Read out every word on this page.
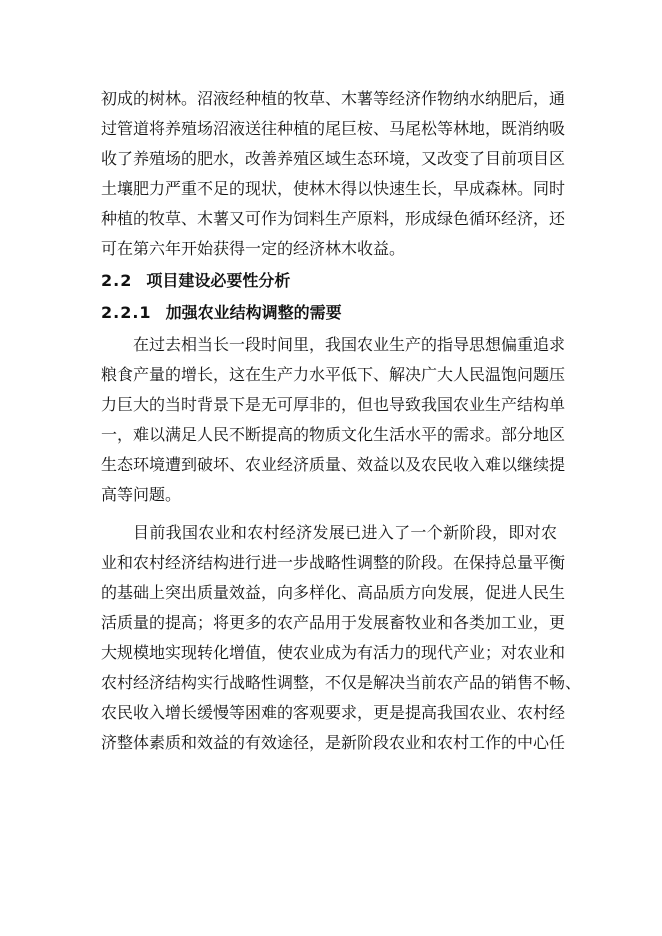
初成的树林。沼液经种植的牧草、木薯等经济作物纳水纳肥后，通
过管道将养殖场沼液送往种植的尾巨桉、马尾松等林地，既消纳吸
收了养殖场的肥水，改善养殖区域生态环境，又改变了目前项目区
土壤肥力严重不足的现状，使林木得以快速生长，早成森林。同时
种植的牧草、木薯又可作为饲料生产原料，形成绿色循环经济，还
可在第六年开始获得一定的经济林木收益。
2.2 项目建设必要性分析
2.2.1 加强农业结构调整的需要
在过去相当长一段时间里，我国农业生产的指导思想偏重追求
粮食产量的增长，这在生产力水平低下、解决广大人民温饱问题压
力巨大的当时背景下是无可厚非的，但也导致我国农业生产结构单
一，难以满足人民不断提高的物质文化生活水平的需求。部分地区
生态环境遭到破坏、农业经济质量、效益以及农民收入难以继续提
高等问题。
目前我国农业和农村经济发展已进入了一个新阶段，即对农
业和农村经济结构进行进一步战略性调整的阶段。在保持总量平衡
的基础上突出质量效益，向多样化、高品质方向发展，促进人民生
活质量的提高；将更多的农产品用于发展畜牧业和各类加工业，更
大规模地实现转化增值，使农业成为有活力的现代产业；对农业和
农村经济结构实行战略性调整，不仅是解决当前农产品的销售不畅、
农民收入增长缓慢等困难的客观要求，更是提高我国农业、农村经
济整体素质和效益的有效途径，是新阶段农业和农村工作的中心任
